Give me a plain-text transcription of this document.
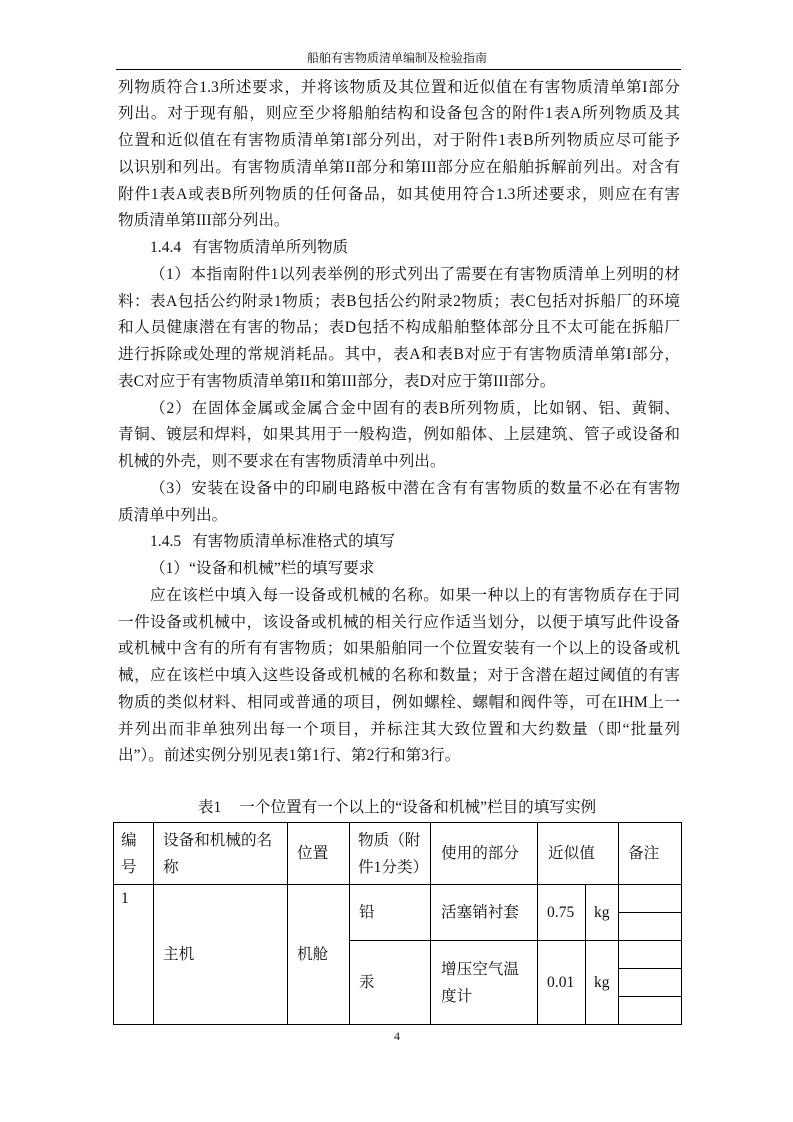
船舶有害物质清单编制及检验指南
列物质符合1.3所述要求，并将该物质及其位置和近似值在有害物质清单第I部分
列出。对于现有船，则应至少将船舶结构和设备包含的附件1表A所列物质及其
位置和近似值在有害物质清单第I部分列出，对于附件1表B所列物质应尽可能予
以识别和列出。有害物质清单第II部分和第III部分应在船舶拆解前列出。对含有
附件1表A或表B所列物质的任何备品，如其使用符合1.3所述要求，则应在有害
物质清单第III部分列出。
1.4.4 有害物质清单所列物质
（1）本指南附件1以列表举例的形式列出了需要在有害物质清单上列明的材
料：表A包括公约附录1物质；表B包括公约附录2物质；表C包括对拆船厂的环境
和人员健康潜在有害的物品；表D包括不构成船舶整体部分且不太可能在拆船厂
进行拆除或处理的常规消耗品。其中，表A和表B对应于有害物质清单第I部分，
表C对应于有害物质清单第II和第III部分，表D对应于第III部分。
（2）在固体金属或金属合金中固有的表B所列物质，比如钢、铝、黄铜、
青铜、镀层和焊料，如果其用于一般构造，例如船体、上层建筑、管子或设备和
机械的外壳，则不要求在有害物质清单中列出。
（3）安装在设备中的印刷电路板中潜在含有有害物质的数量不必在有害物
质清单中列出。
1.4.5 有害物质清单标准格式的填写
（1）“设备和机械”栏的填写要求
应在该栏中填入每一设备或机械的名称。如果一种以上的有害物质存在于同
一件设备或机械中，该设备或机械的相关行应作适当划分，以便于填写此件设备
或机械中含有的所有有害物质；如果船舶同一个位置安装有一个以上的设备或机
械，应在该栏中填入这些设备或机械的名称和数量；对于含潜在超过阈值的有害
物质的类似材料、相同或普通的项目，例如螺栓、螺帽和阀件等，可在IHM上一
并列出而非单独列出每一个项目，并标注其大致位置和大约数量（即“批量列
出”）。前述实例分别见表1第1行、第2行和第3行。
表1 一个位置有一个以上的“设备和机械”栏目的填写实例
编号	设备和机械的名称	位置	物质（附件1分类）	使用的部分	近似值		备注
1	主机	机舱	铅	活塞销衬套	0.75	kg	

			汞	增压空气温度计	0.01	kg	

4
